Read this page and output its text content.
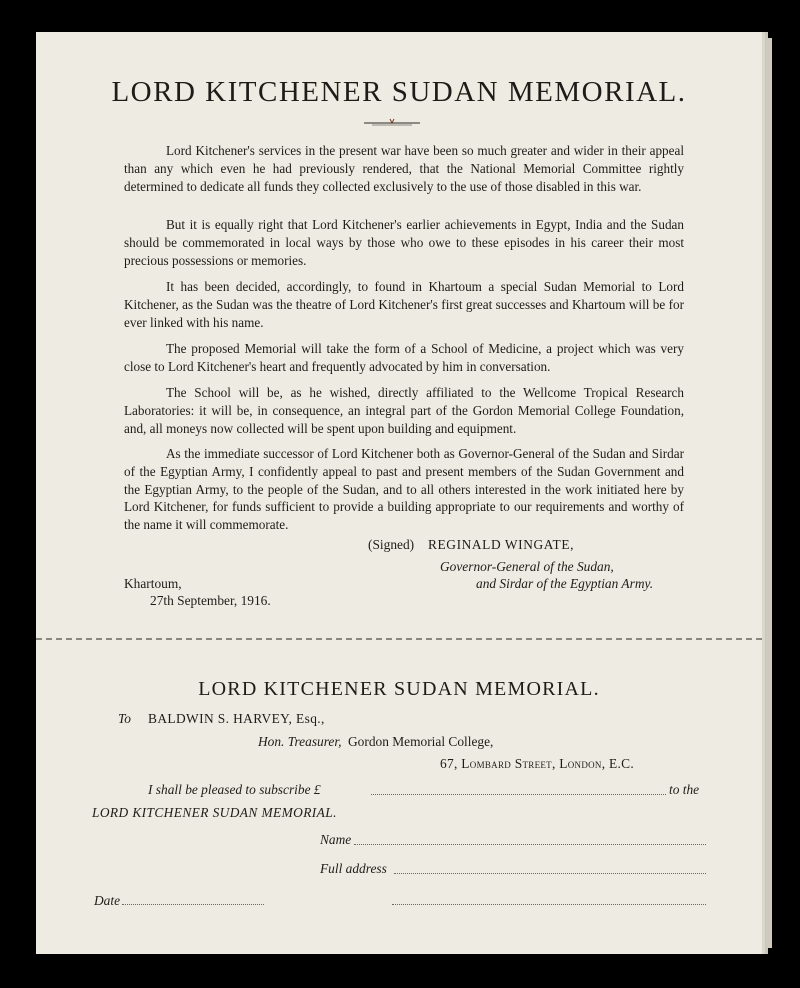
LORD KITCHENER SUDAN MEMORIAL.

Lord Kitchener's services in the present war have been so much greater and wider in their appeal than any which even he had previously rendered, that the National Memorial Committee rightly determined to dedicate all funds they collected exclusively to the use of those disabled in this war.

But it is equally right that Lord Kitchener's earlier achievements in Egypt, India and the Sudan should be commemorated in local ways by those who owe to these episodes in his career their most precious possessions or memories.

It has been decided, accordingly, to found in Khartoum a special Sudan Memorial to Lord Kitchener, as the Sudan was the theatre of Lord Kitchener's first great successes and Khartoum will be for ever linked with his name.

The proposed Memorial will take the form of a School of Medicine, a project which was very close to Lord Kitchener's heart and frequently advocated by him in conversation.

The School will be, as he wished, directly affiliated to the Wellcome Tropical Research Laboratories: it will be, in consequence, an integral part of the Gordon Memorial College Foundation, and, all moneys now collected will be spent upon building and equipment.

As the immediate successor of Lord Kitchener both as Governor-General of the Sudan and Sirdar of the Egyptian Army, I confidently appeal to past and present members of the Sudan Government and the Egyptian Army, to the people of the Sudan, and to all others interested in the work initiated here by Lord Kitchener, for funds sufficient to provide a building appropriate to our requirements and worthy of the name it will commemorate.

(Signed) REGINALD WINGATE,
Governor-General of the Sudan,
and Sirdar of the Egyptian Army.
Khartoum,
27th September, 1916.
LORD KITCHENER SUDAN MEMORIAL.
To BALDWIN S. HARVEY, Esq.,
Hon. Treasurer, Gordon Memorial College,
67, Lombard Street, London, E.C.
I shall be pleased to subscribe £	to the
LORD KITCHENER SUDAN MEMORIAL.
Name
Full address
Date
